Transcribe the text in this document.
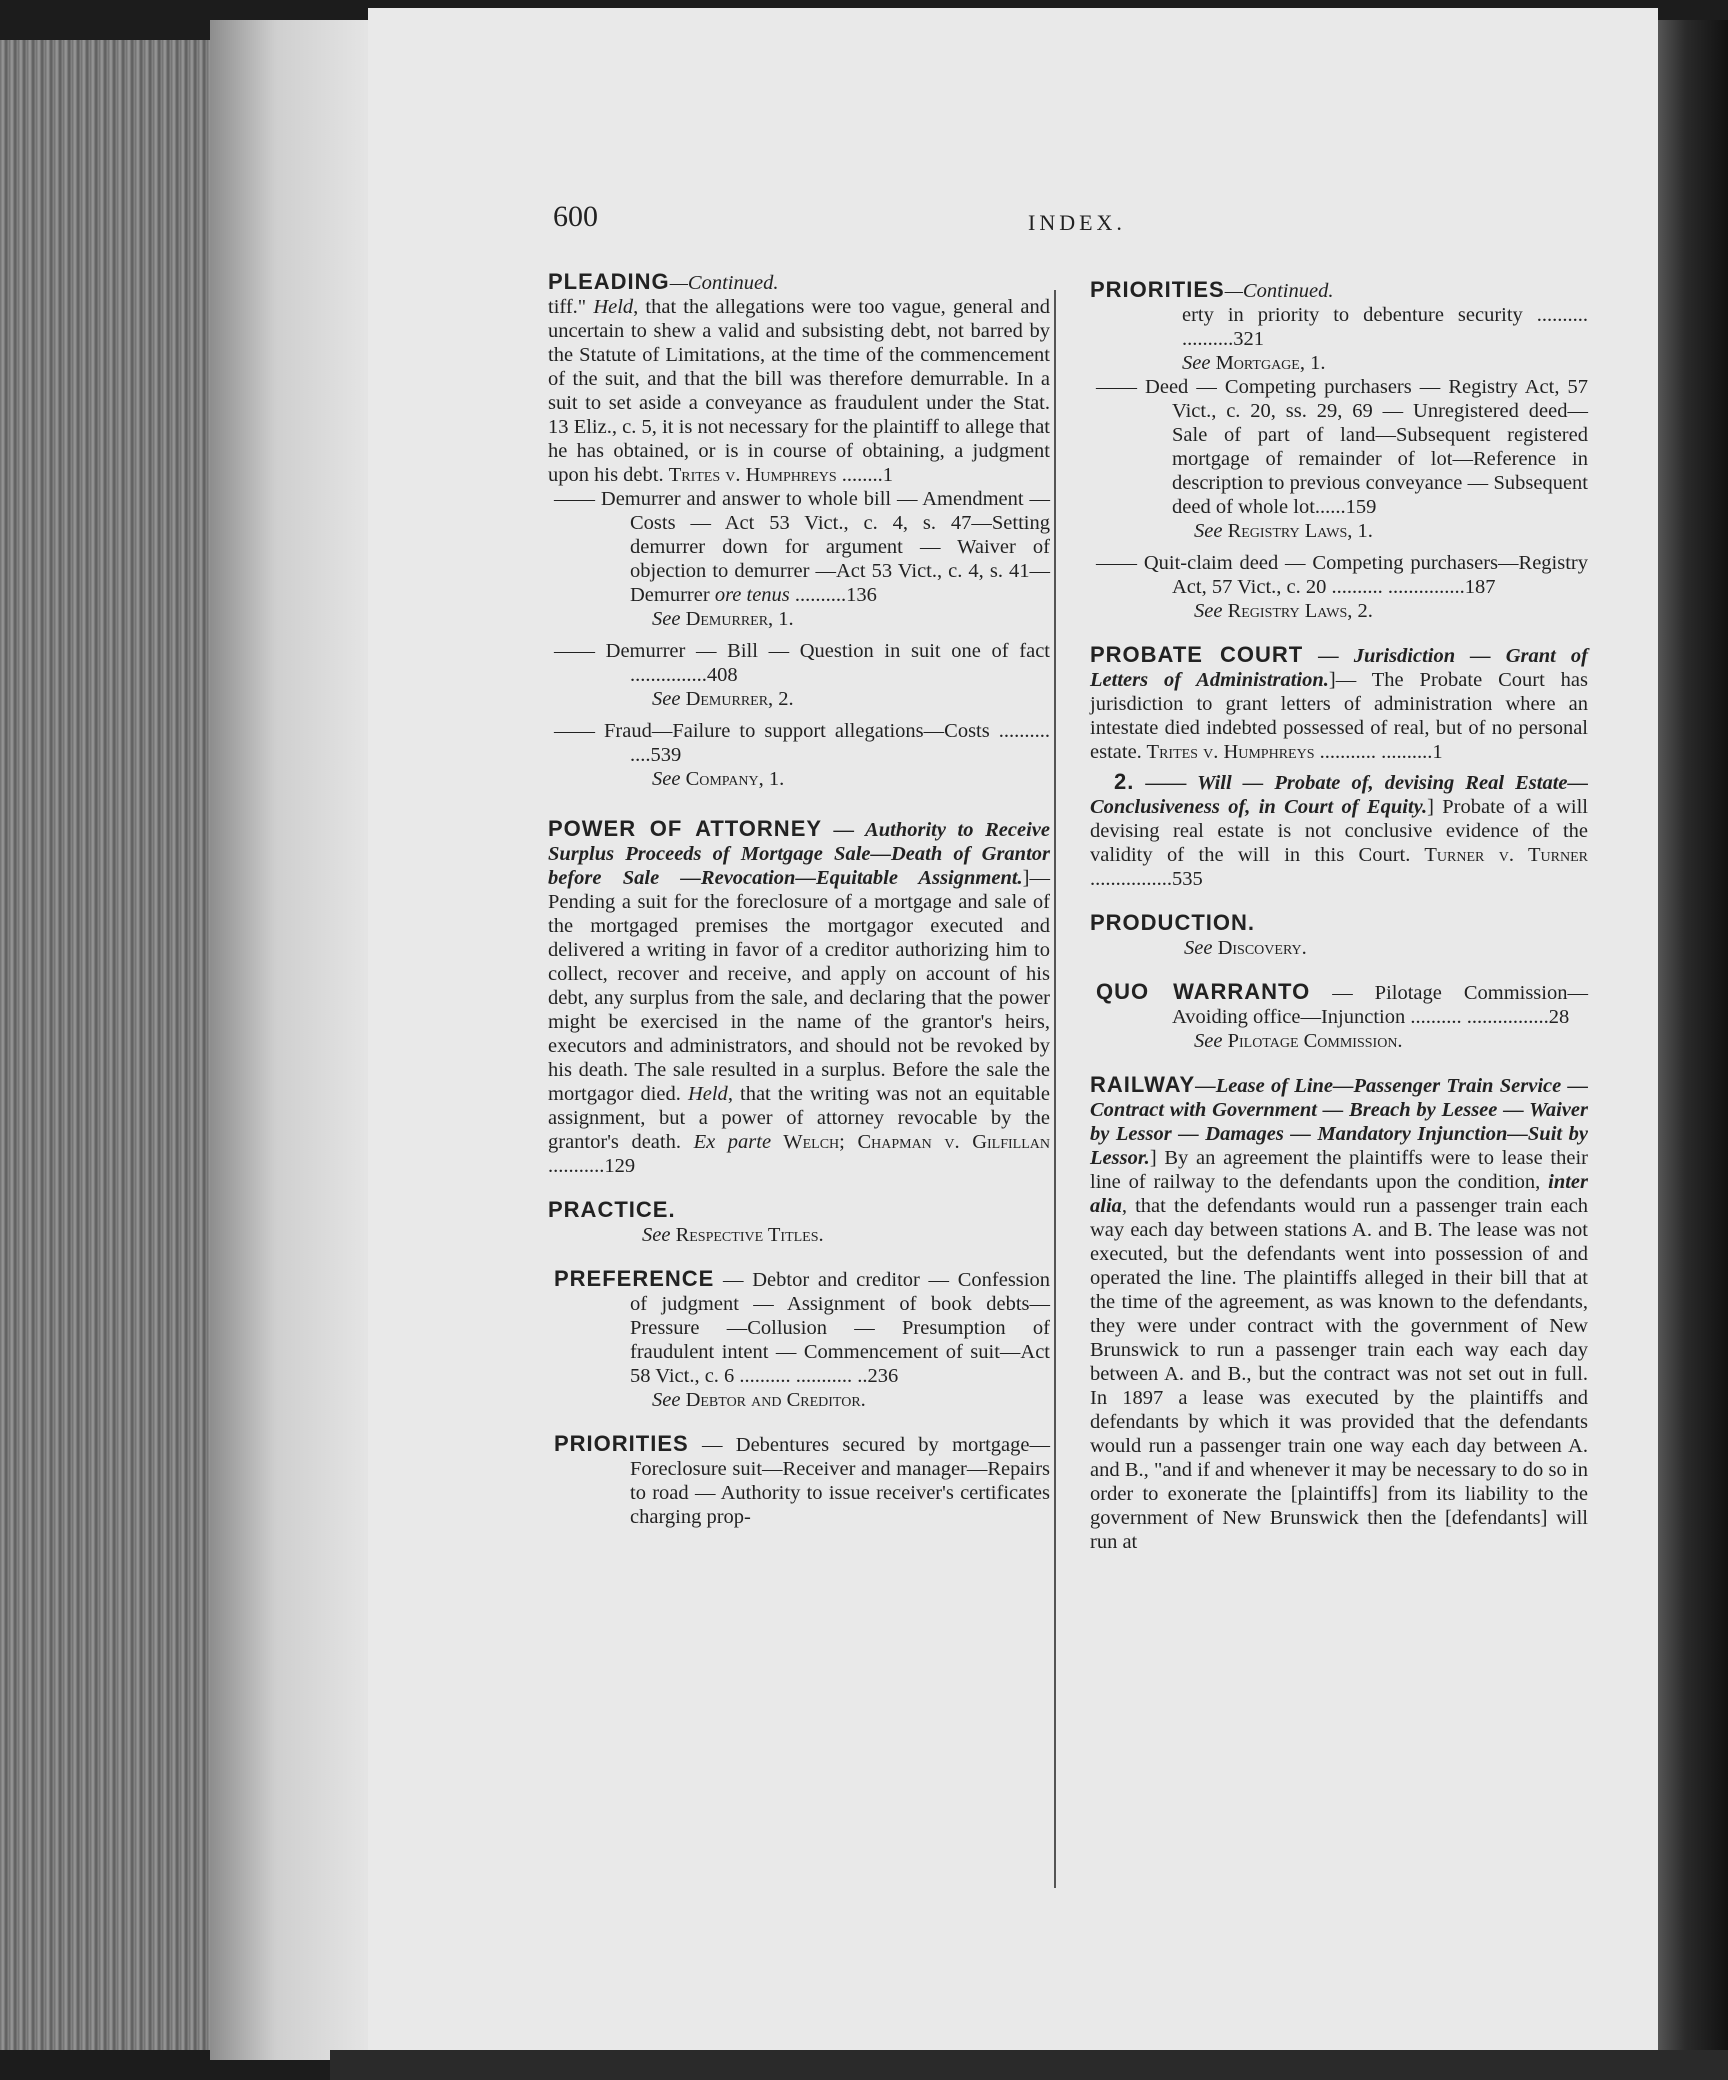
600	INDEX.

PLEADING—Continued.
tiff." Held, that the allegations were too vague, general and uncertain to shew a valid and subsisting debt, not barred by the Statute of Limitations, at the time of the commencement of the suit, and that the bill was therefore demurrable. In a suit to set aside a conveyance as fraudulent under the Stat. 13 Eliz., c. 5, it is not necessary for the plaintiff to allege that he has obtained, or is in course of obtaining, a judgment upon his debt. Trites v. Humphreys ........1

—— Demurrer and answer to whole bill — Amendment — Costs — Act 53 Vict., c. 4, s. 47—Setting demurrer down for argument — Waiver of objection to demurrer —Act 53 Vict., c. 4, s. 41—Demurrer ore tenus ..........136
See Demurrer, 1.

—— Demurrer — Bill — Question in suit one of fact ...............408
See Demurrer, 2.

—— Fraud—Failure to support allegations—Costs .......... ....539
See Company, 1.

POWER OF ATTORNEY — Authority to Receive Surplus Proceeds of Mortgage Sale—Death of Grantor before Sale —Revocation—Equitable Assignment.]— Pending a suit for the foreclosure of a mortgage and sale of the mortgaged premises the mortgagor executed and delivered a writing in favor of a creditor authorizing him to collect, recover and receive, and apply on account of his debt, any surplus from the sale, and declaring that the power might be exercised in the name of the grantor's heirs, executors and administrators, and should not be revoked by his death. The sale resulted in a surplus. Before the sale the mortgagor died. Held, that the writing was not an equitable assignment, but a power of attorney revocable by the grantor's death. Ex parte Welch; Chapman v. Gilfillan ...........129

PRACTICE.
See Respective Titles.
PREFERENCE — Debtor and creditor — Confession of judgment — Assignment of book debts—Pressure —Collusion — Presumption of fraudulent intent — Commencement of suit—Act 58 Vict., c. 6 .......... ........... ..236
See Debtor and Creditor.
PRIORITIES — Debentures secured by mortgage—Foreclosure suit—Receiver and manager—Repairs to road — Authority to issue receiver's certificates charging prop-
PRIORITIES—Continued.

erty in priority to debenture security .......... ..........321
See Mortgage, 1.

—— Deed — Competing purchasers — Registry Act, 57 Vict., c. 20, ss. 29, 69 — Unregistered deed— Sale of part of land—Subsequent registered mortgage of remainder of lot—Reference in description to previous conveyance — Subsequent deed of whole lot......159
See Registry Laws, 1.

—— Quit-claim deed — Competing purchasers—Registry Act, 57 Vict., c. 20 .......... ...............187
See Registry Laws, 2.

PROBATE COURT — Jurisdiction — Grant of Letters of Administration.]— The Probate Court has jurisdiction to grant letters of administration where an intestate died indebted possessed of real, but of no personal estate. Trites v. Humphreys ........... ..........1

2. —— Will — Probate of, devising Real Estate—Conclusiveness of, in Court of Equity.] Probate of a will devising real estate is not conclusive evidence of the validity of the will in this Court. Turner v. Turner ................535

PRODUCTION.
See Discovery.
QUO WARRANTO — Pilotage Commission—Avoiding office—Injunction .......... ................28
See Pilotage Commission.
RAILWAY—Lease of Line—Passenger Train Service — Contract with Government — Breach by Lessee — Waiver by Lessor — Damages — Mandatory Injunction—Suit by Lessor.] By an agreement the plaintiffs were to lease their line of railway to the defendants upon the condition, inter alia, that the defendants would run a passenger train each way each day between stations A. and B. The lease was not executed, but the defendants went into possession of and operated the line. The plaintiffs alleged in their bill that at the time of the agreement, as was known to the defendants, they were under contract with the government of New Brunswick to run a passenger train each way each day between A. and B., but the contract was not set out in full. In 1897 a lease was executed by the plaintiffs and defendants by which it was provided that the defendants would run a passenger train one way each day between A. and B., "and if and whenever it may be necessary to do so in order to exonerate the [plaintiffs] from its liability to the government of New Brunswick then the [defendants] will run at
